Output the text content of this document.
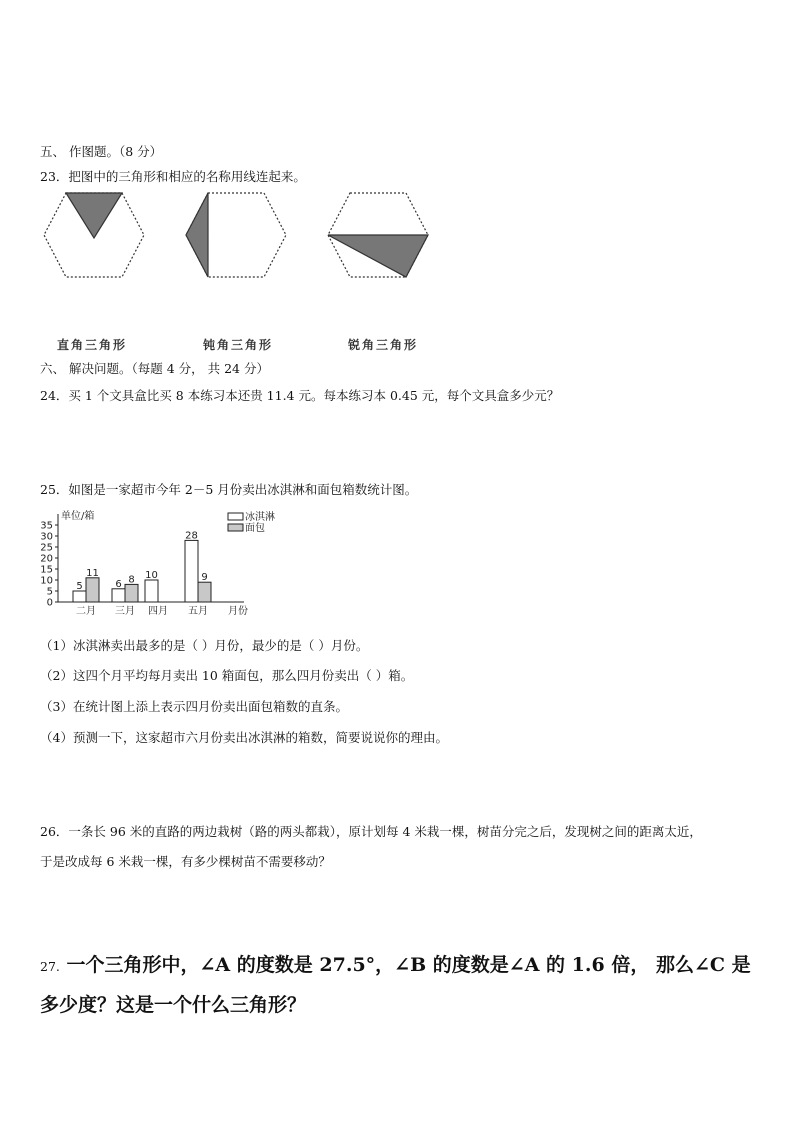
五、 作图题。（8 分）
23．把图中的三角形和相应的名称用线连起来。
直角三角形	钝角三角形	锐角三角形
六、 解决问题。（每题 4 分， 共 24 分）
24．买 1 个文具盒比买 8 本练习本还贵 11.4 元。每本练习本 0.45 元，每个文具盒多少元？
25．如图是一家超市今年 2－5 月份卖出冰淇淋和面包箱数统计图。
单位/箱
0
5
10
15
20
25
30
35
5
11
二月
6 8
三月
10
四月
28
9
五月 月份
冰淇淋
面包
（1）冰淇淋卖出最多的是（ ）月份，最少的是（ ）月份。
（2）这四个月平均每月卖出 10 箱面包，那么四月份卖出（ ）箱。
（3）在统计图上添上表示四月份卖出面包箱数的直条。
（4）预测一下，这家超市六月份卖出冰淇淋的箱数，简要说说你的理由。
26．一条长 96 米的直路的两边栽树（路的两头都栽），原计划每 4 米栽一棵，树苗分完之后，发现树之间的距离太近，
于是改成每 6 米栽一棵，有多少棵树苗不需要移动？
27. 一个三角形中，∠A 的度数是 27.5°，∠B 的度数是∠A 的 1.6 倍， 那么∠C 是
多少度？这是一个什么三角形？
